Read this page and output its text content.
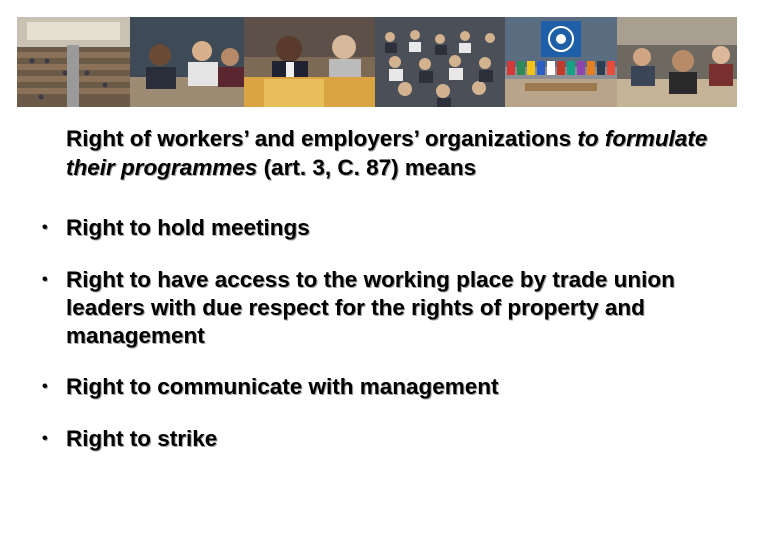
Right of workers’ and employers’ organizations to formulate their programmes (art. 3, C. 87) means

• Right to hold meetings
• Right to have access to the working place by trade union leaders with due respect for the rights of property and management
• Right to communicate with management
• Right to strike
